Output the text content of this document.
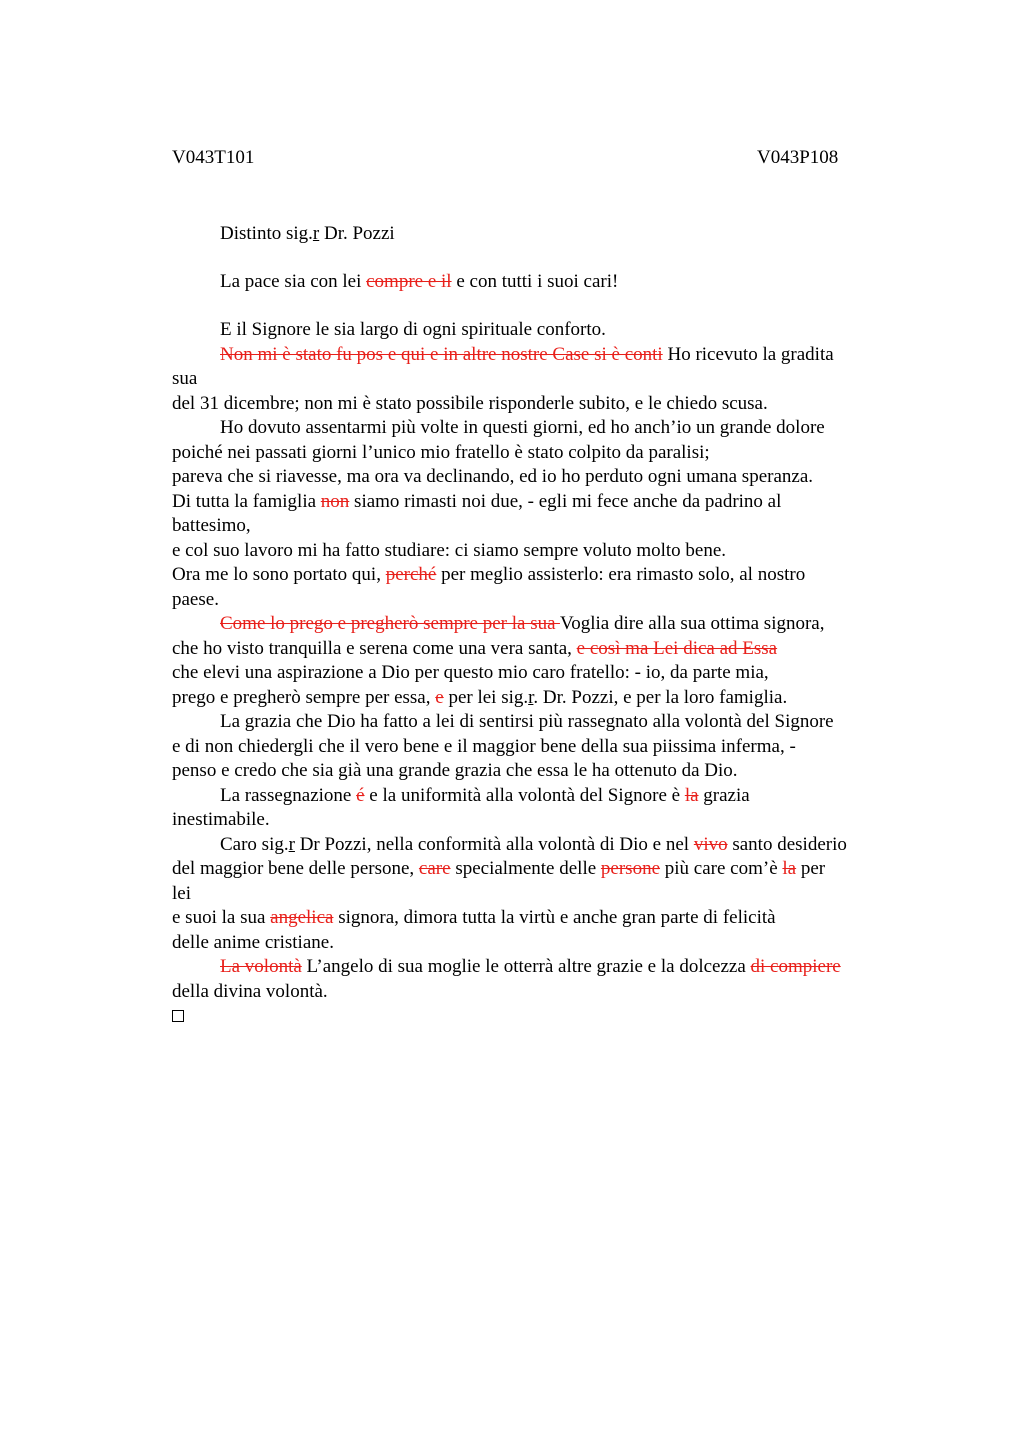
V043T101	V043P108
Distinto sig.r Dr. Pozzi
La pace sia con lei compre e il e con tutti i suoi cari!
E il Signore le sia largo di ogni spirituale conforto.
Non mi è stato fu pos e qui e in altre nostre Case si è conti Ho ricevuto la gradita
sua
del 31 dicembre; non mi è stato possibile risponderle subito, e le chiedo scusa.
Ho dovuto assentarmi più volte in questi giorni, ed ho anch’io un grande dolore
poiché nei passati giorni l’unico mio fratello è stato colpito da paralisi;
pareva che si riavesse, ma ora va declinando, ed io ho perduto ogni umana speranza.
Di tutta la famiglia non siamo rimasti noi due, - egli mi fece anche da padrino al
battesimo,
e col suo lavoro mi ha fatto studiare: ci siamo sempre voluto molto bene.
Ora me lo sono portato qui, perché per meglio assisterlo: era rimasto solo, al nostro
paese.
Come lo prego e pregherò sempre per la sua Voglia dire alla sua ottima signora,
che ho visto tranquilla e serena come una vera santa, e così ma Lei dica ad Essa
che elevi una aspirazione a Dio per questo mio caro fratello: - io, da parte mia,
prego e pregherò sempre per essa, e per lei sig.r. Dr. Pozzi, e per la loro famiglia.
La grazia che Dio ha fatto a lei di sentirsi più rassegnato alla volontà del Signore
e di non chiedergli che il vero bene e il maggior bene della sua piissima inferma, -
penso e credo che sia già una grande grazia che essa le ha ottenuto da Dio.
La rassegnazione é e la uniformità alla volontà del Signore è la grazia
inestimabile.
Caro sig.r Dr Pozzi, nella conformità alla volontà di Dio e nel vivo santo desiderio
del maggior bene delle persone, care specialmente delle persone più care com’è la per
lei
e suoi la sua angelica signora, dimora tutta la virtù e anche gran parte di felicità
delle anime cristiane.
La volontà L’angelo di sua moglie le otterrà altre grazie e la dolcezza di compiere
della divina volontà.
